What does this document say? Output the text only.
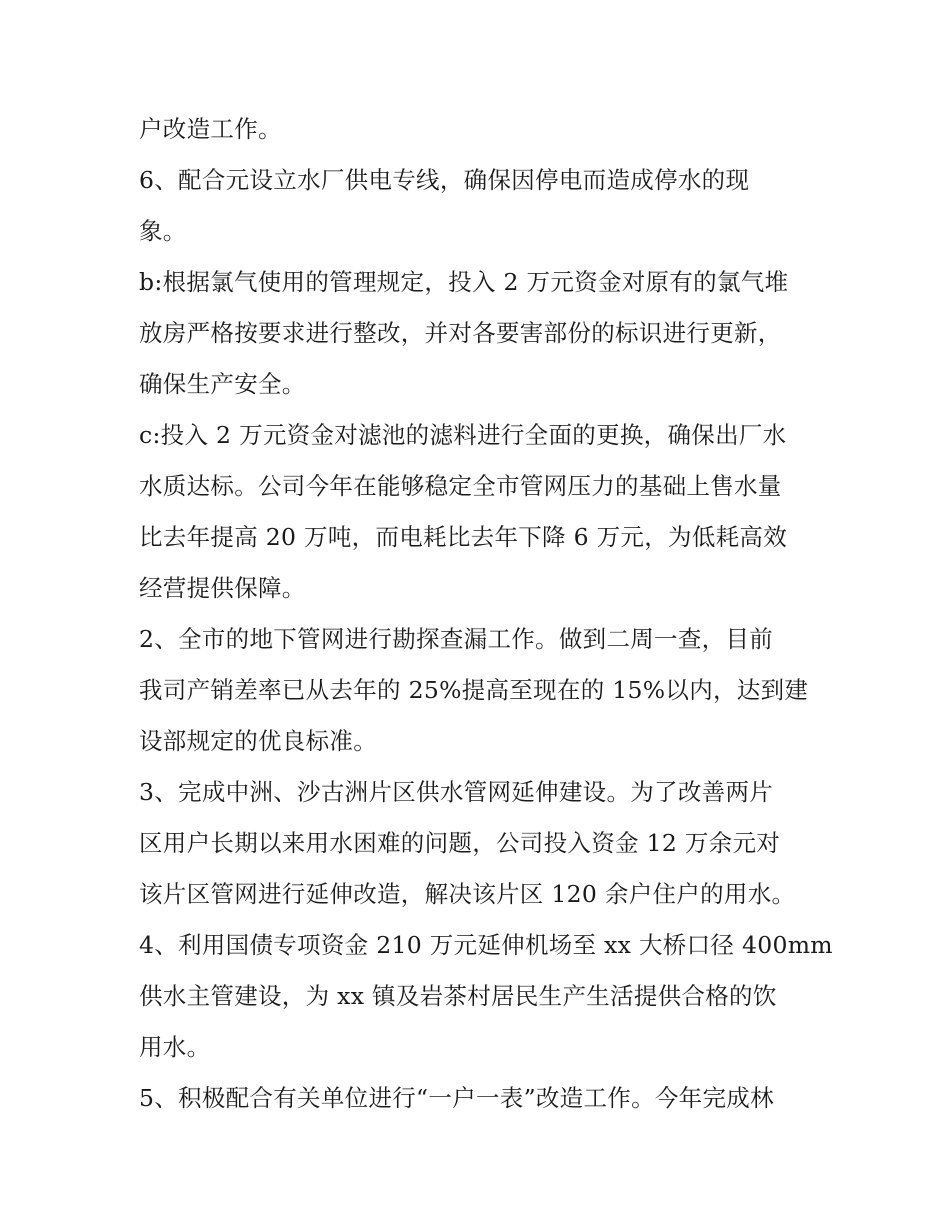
户改造工作。
6、配合元设立水厂供电专线，确保因停电而造成停水的现
象。
b:根据氯气使用的管理规定，投入 2 万元资金对原有的氯气堆
放房严格按要求进行整改，并对各要害部份的标识进行更新，
确保生产安全。
c:投入 2 万元资金对滤池的滤料进行全面的更换，确保出厂水
水质达标。公司今年在能够稳定全市管网压力的基础上售水量
比去年提高 20 万吨，而电耗比去年下降 6 万元，为低耗高效
经营提供保障。
2、全市的地下管网进行勘探查漏工作。做到二周一查，目前
我司产销差率已从去年的 25%提高至现在的 15%以内，达到建
设部规定的优良标准。
3、完成中洲、沙古洲片区供水管网延伸建设。为了改善两片
区用户长期以来用水困难的问题，公司投入资金 12 万余元对
该片区管网进行延伸改造，解决该片区 120 余户住户的用水。
4、利用国债专项资金 210 万元延伸机场至 xx 大桥口径 400mm
供水主管建设，为 xx 镇及岩茶村居民生产生活提供合格的饮
用水。
5、积极配合有关单位进行“一户一表”改造工作。今年完成林
